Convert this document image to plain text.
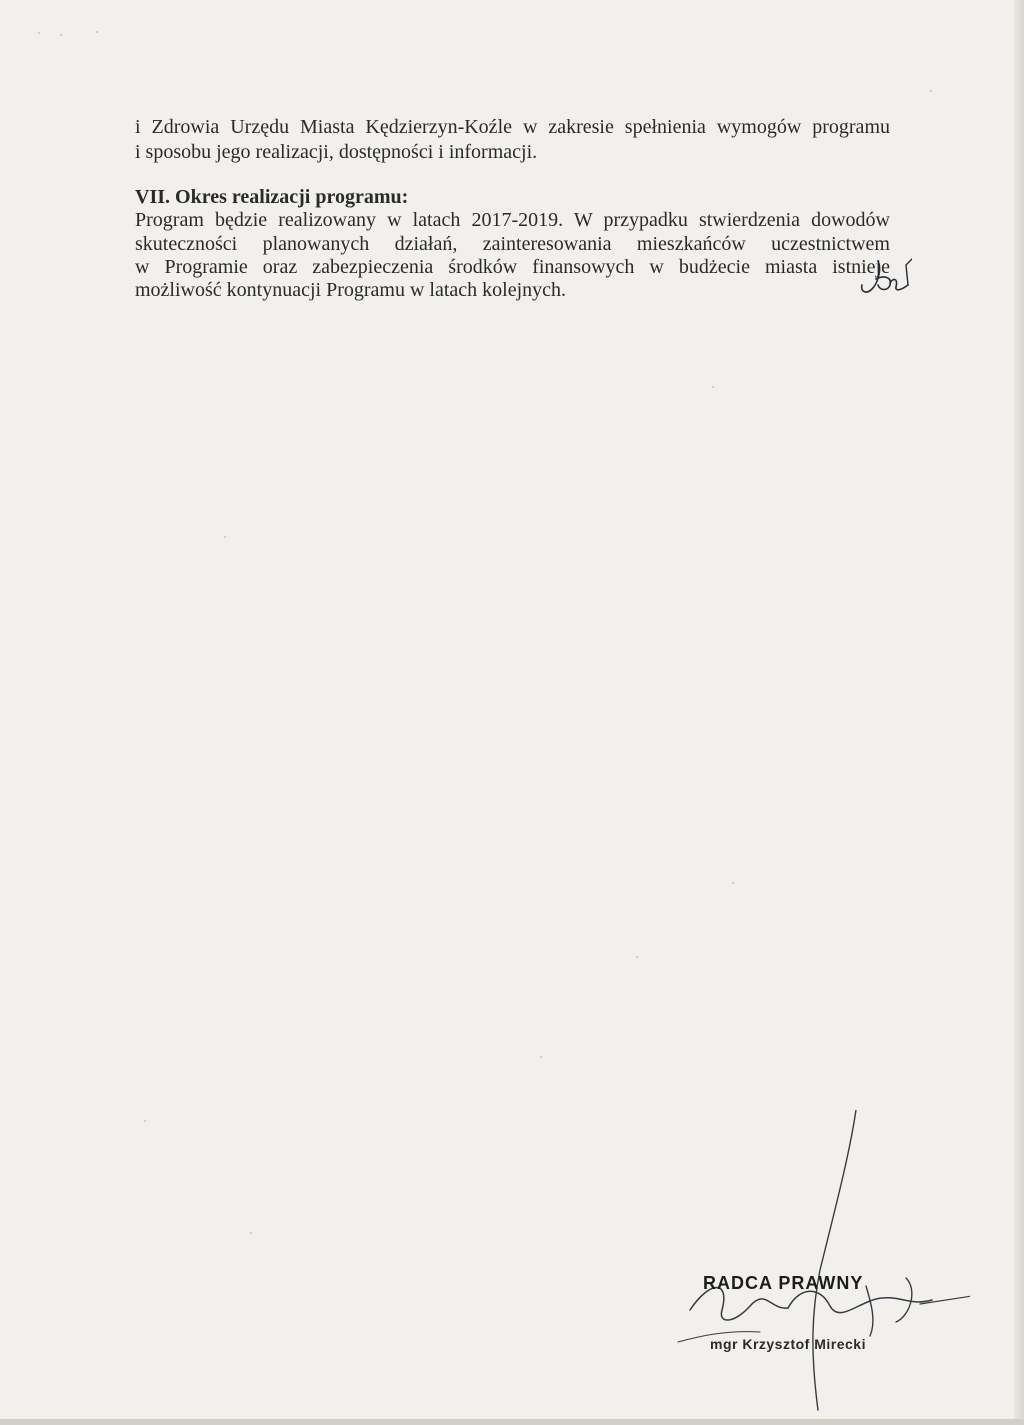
i Zdrowia Urzędu Miasta Kędzierzyn-Koźle w zakresie spełnienia wymogów programu

i sposobu jego realizacji, dostępności i informacji.

VII. Okres realizacji programu:

Program będzie realizowany w latach 2017-2019. W przypadku stwierdzenia dowodów

skuteczności planowanych działań, zainteresowania mieszkańców uczestnictwem

w Programie oraz zabezpieczenia środków finansowych w budżecie miasta istnieje

możliwość kontynuacji Programu w latach kolejnych.

RADCA PRAWNY

mgr Krzysztof Mirecki
